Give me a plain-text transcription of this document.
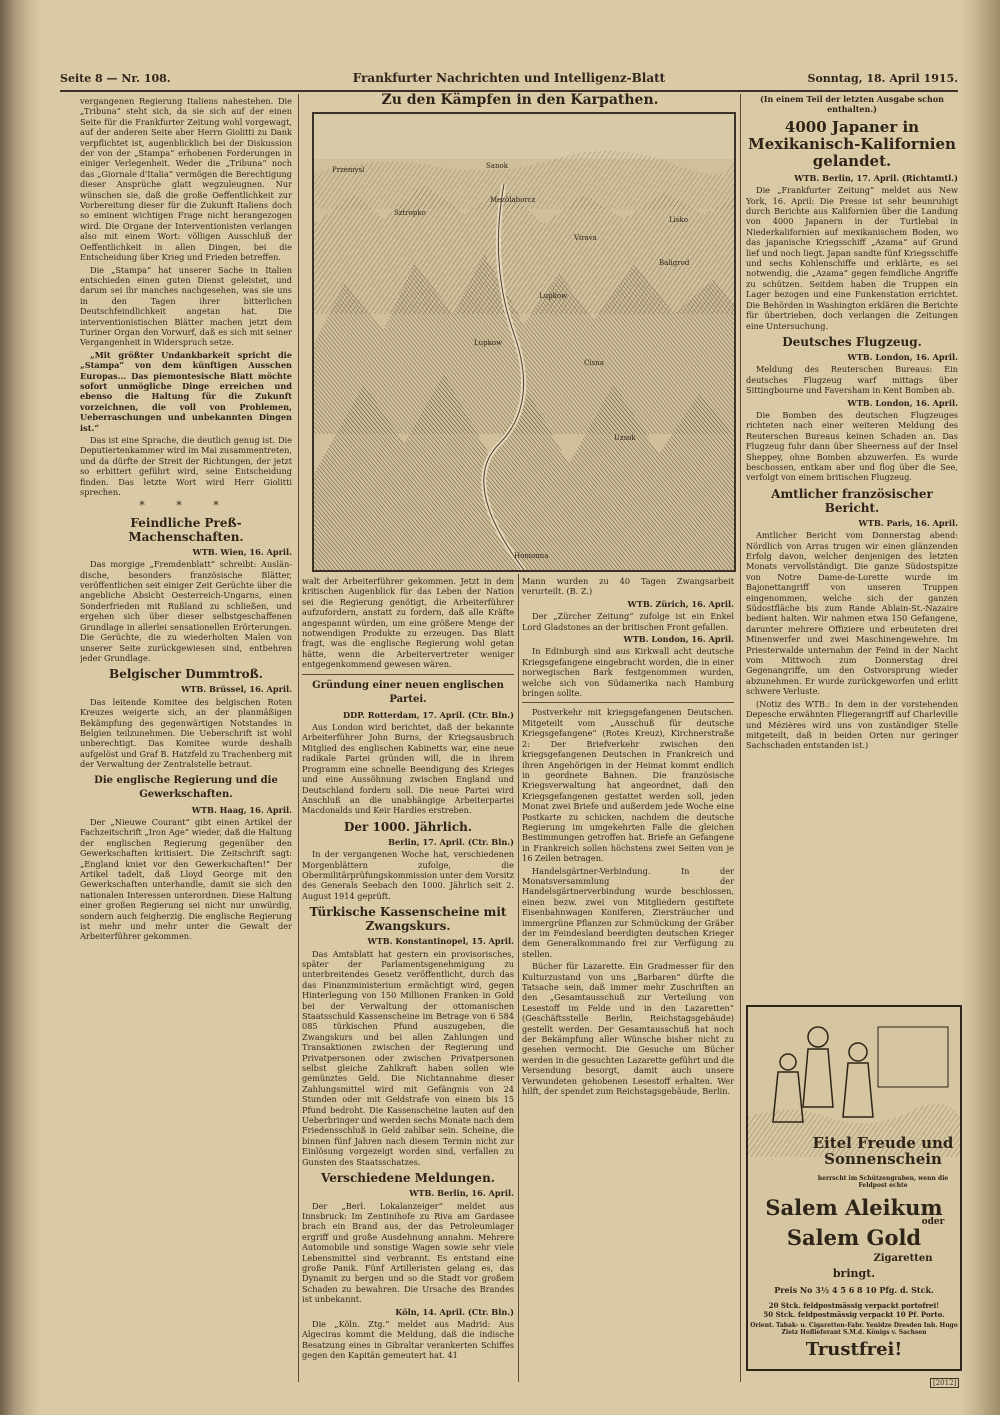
Seite 8 — Nr. 108.	Frankfurter Nachrichten und Intelligenz-Blatt	Sonntag, 18. April 1915.

vergangenen Regierung Italiens nahestehen. Die „Tribuna“ steht sich, da sie sich auf der einen Seite für die Frankfurter Zeitung wohl vorgewagt, auf der anderen Seite aber Herrn Giolitti zu Dank verpflichtet ist, augenblicklich bei der Diskussion der von der „Stampa“ erhobenen Forderungen in einiger Verlegenheit. Weder die „Tribuna“ noch das „Giornale d'Italia“ vermögen die Berechtigung dieser Ansprüche glatt wegzuleugnen. Nur wünschen sie, daß die große Oeffentlichkeit zur Vorbereitung dieser für die Zukunft Italiens doch so eminent wichtigen Frage nicht herangezogen wird. Die Organe der Interventionisten verlangen also mit einem Wort: völligen Ausschluß der Oeffentlichkeit in allen Dingen, bei die Entscheidung über Krieg und Frieden betreffen.

Die „Stampa“ hat unserer Sache in Italien entschieden einen guten Dienst geleistet, und darum sei ihr manches nachgesehen, was sie uns in den Tagen ihrer bitterlichen Deutschfeindlichkeit angetan hat. Die interventionistischen Blätter machen jetzt dem Turiner Organ den Vorwurf, daß es sich mit seiner Vergangenheit in Widerspruch setze.

„Mit größter Undankbarkeit spricht die „Stampa“ von dem künftigen Ausschen Europas... Das piemontesische Blatt möchte sofort unmögliche Dinge erreichen und ebenso die Haltung für die Zukunft vorzeichnen, die voll von Problemen, Ueberraschungen und unbekannten Dingen ist.“

Das ist eine Sprache, die deutlich genug ist. Die Deputiertenkammer wird im Mai zusammentreten, und da dürfte der Streit der Richtungen, der jetzt so erbittert geführt wird, seine Entscheidung finden. Das letzte Wort wird Herr Giolitti sprechen.

* * *
Feindliche Preß-Machenschaften.
WTB. Wien, 16. April.

Das morgige „Fremdenblatt“ schreibt: Ausländische, besonders französische Blätter, veröffentlichen seit einiger Zeit Gerüchte über die angebliche Absicht Oesterreich-Ungarns, einen Sonderfrieden mit Rußland zu schließen, und ergehen sich über dieser selbstgeschaffenen Grundlage in allerlei sensationellen Erörterungen. Die Gerüchte, die zu wiederholten Malen von unserer Seite zurückgewiesen sind, entbehren jeder Grundlage.

Belgischer Dummtroß.
WTB. Brüssel, 16. April.

Das leitende Komitee des belgischen Roten Kreuzes weigerte sich, an der planmäßigen Bekämpfung des gegenwärtigen Notstandes in Belgien teilzunehmen. Die Ueberschrift ist wohl unberechtigt. Das Komitee wurde deshalb aufgelöst und Graf B. Hatzfeld zu Trachenberg mit der Verwaltung der Zentralstelle betraut.

Die englische Regierung und die Gewerkschaften.
WTB. Haag, 16. April.

Der „Nieuwe Courant“ gibt einen Artikel der Fachzeitschrift „Iron Age“ wieder, daß die Haltung der englischen Regierung gegenüber den Gewerkschaften kritisiert. Die Zeitschrift sagt: „England kniet vor den Gewerkschaften!“ Der Artikel tadelt, daß Lloyd George mit den Gewerkschaften unterhandle, damit sie sich den nationalen Interessen unterordnen. Diese Haltung einer großen Regierung sei nicht nur unwürdig, sondern auch feigherzig. Die englische Regierung ist mehr und mehr unter die Gewalt der Arbeiterführer gekommen.

Zu den Kämpfen in den Karpathen.
Przemysl	Sanok
Lisko
Baligrod
Lupkow
Mezölaborcz
Lupkow
Cisna
Uzsok
Homonna
Sztropko
Virava

walt der Arbeiterführer gekommen. Jetzt in dem kritischen Augenblick für das Leben der Nation sei die Regierung genötigt, die Arbeiterführer aufzufordern, anstatt zu fordern, daß alle Kräfte angespannt würden, um eine größere Menge der notwendigen Produkte zu erzeugen. Das Blatt fragt, was die englische Regierung wohl getan hätte, wenn die Arbeitervertreter weniger entgegenkommend gewesen wären.

Gründung einer neuen englischen Partei.
DDP. Rotterdam, 17. April. (Ctr. Bln.)

Aus London wird berichtet, daß der bekannte Arbeiterführer John Burns, der Kriegsausbruch Mitglied des englischen Kabinetts war, eine neue radikale Partei gründen will, die in ihrem Programm eine schnelle Beendigung des Krieges und eine Aussöhnung zwischen England und Deutschland fordern soll. Die neue Partei wird Anschluß an die unabhängige Arbeiterpartei Macdonalds und Keir Hardies erstreben.

Der 1000. Jährlich.
Berlin, 17. April. (Ctr. Bln.)

In der vergangenen Woche hat, verschiedenen Morgenblättern zufolge, die Obermilitärprüfungskommission unter dem Vorsitz des Generals Seebach den 1000. Jährlich seit 2. August 1914 geprüft.

Türkische Kassenscheine mit Zwangskurs.
WTB. Konstantinopel, 15. April.

Das Amtsblatt hat gestern ein provisorisches, später der Parlamentsgenehmigung zu unterbreitendes Gesetz veröffentlicht, durch das das Finanzministerium ermächtigt wird, gegen Hinterlegung von 150 Millionen Franken in Gold bei der Verwaltung der ottomanischen Staatsschuld Kassenscheine im Betrage von 6 584 085 türkischen Pfund auszugeben, die Zwangskurs und bei allen Zahlungen und Transaktionen zwischen der Regierung und Privatpersonen oder zwischen Privatpersonen selbst gleiche Zahlkraft haben sollen wie gemünztes Geld. Die Nichtannahme dieser Zahlungsmittel wird mit Gefängnis von 24 Stunden oder mit Geldstrafe von einem bis 15 Pfund bedroht. Die Kassenscheine lauten auf den Ueberbringer und werden sechs Monate nach dem Friedensschluß in Geld zahlbar sein. Scheine, die binnen fünf Jahren nach diesem Termin nicht zur Einlösung vorgezeigt worden sind, verfallen zu Gunsten des Staatsschatzes.

Verschiedene Meldungen.
WTB. Berlin, 16. April.

Der „Berl. Lokalanzeiger“ meldet aus Innsbruck: Im Zentinihofe zu Riva am Gardasee brach ein Brand aus, der das Petroleumlager ergriff und große Ausdehnung annahm. Mehrere Automobile und sonstige Wagen sowie sehr viele Lebensmittel sind verbrannt. Es entstand eine große Panik. Fünf Artilleristen gelang es, das Dynamit zu bergen und so die Stadt vor großem Schaden zu bewahren. Die Ursache des Brandes ist unbekannt.

Köln, 14. April. (Ctr. Bln.)

Die „Köln. Ztg.“ meldet aus Madrid: Aus Algeciras kommt die Meldung, daß die indische Besatzung eines in Gibraltar verankerten Schiffes gegen den Kapitän gemeutert hat. 41

Mann wurden zu 40 Tagen Zwangsarbeit verurteilt. (B. Z.)

WTB. Zürich, 16. April.

Der „Zürcher Zeitung“ zufolge ist ein Enkel Lord Gladstones an der britischen Front gefallen.

WTB. London, 16. April.

In Edinburgh sind aus Kirkwall acht deutsche Kriegsgefangene eingebracht worden, die in einer norwegischen Bark festgenommen wurden, welche sich von Südamerika nach Hamburg bringen sollte.

Postverkehr mit kriegsgefangenen Deutschen. Mitgeteilt vom „Ausschuß für deutsche Kriegsgefangene“ (Rotes Kreuz), Kirchnerstraße 2: Der Briefverkehr zwischen den kriegsgefangenen Deutschen in Frankreich und ihren Angehörigen in der Heimat kommt endlich in geordnete Bahnen. Die französische Kriegsverwaltung hat angeordnet, daß den Kriegsgefangenen gestattet werden soll, jeden Monat zwei Briefe und außerdem jede Woche eine Postkarte zu schicken, nachdem die deutsche Regierung im umgekehrten Falle die gleichen Bestimmungen getroffen hat. Briefe an Gefangene in Frankreich sollen höchstens zwei Seiten von je 16 Zeilen betragen.

Handelsgärtner-Verbindung. In der Monatsversammlung der Handelsgärtnerverbindung wurde beschlossen, einen bezw. zwei von Mitgliedern gestiftete Eisenbahnwagen Koniferen, Ziersträucher und immergrüne Pflanzen zur Schmückung der Gräber der im Feindesland beerdigten deutschen Krieger dem Generalkommando frei zur Verfügung zu stellen.

Bücher für Lazarette. Ein Gradmesser für den Kulturzustand von uns „Barbaren“ dürfte die Tatsache sein, daß immer mehr Zuschriften an den „Gesamtausschuß zur Verteilung von Lesestoff im Felde und in den Lazaretten“ (Geschäftsstelle Berlin, Reichstagsgebäude) gestellt werden. Der Gesamtausschuß hat noch der Bekämpfung aller Wünsche bisher nicht zu gesehen vermocht. Die Gesuche um Bücher werden in die gesuchten Lazarette geführt und die Versendung besorgt, damit auch unsere Verwundeten gehobenen Lesestoff erhalten. Wer hilft, der spendet zum Reichstagsgebäude, Berlin.

(In einem Teil der letzten Ausgabe schon enthalten.)
4000 Japaner in Mexikanisch-Kalifornien gelandet.
WTB. Berlin, 17. April. (Richtamtl.)

Die „Frankfurter Zeitung“ meldet aus New York, 16. April: Die Presse ist sehr beunruhigt durch Berichte aus Kalifornien über die Landung von 4000 Japanern in der Turtlebai in Niederkalifornien auf mexikanischem Boden, wo das japanische Kriegsschiff „Azama“ auf Grund lief und noch liegt. Japan sandte fünf Kriegsschiffe und sechs Kohlenschiffe und erklärte, es sei notwendig, die „Azama“ gegen feindliche Angriffe zu schützen. Seitdem haben die Truppen ein Lager bezogen und eine Funkenstation errichtet. Die Behörden in Washington erklären die Berichte für übertrieben, doch verlangen die Zeitungen eine Untersuchung.

Deutsches Flugzeug.
WTB. London, 16. April.

Meldung des Reuterschen Bureaus: Ein deutsches Flugzeug warf mittags über Sittingbourne und Faversham in Kent Bomben ab.

WTB. London, 16. April.

Die Bomben des deutschen Flugzeuges richteten nach einer weiteren Meldung des Reuterschen Bureaus keinen Schaden an. Das Flugzeug fuhr dann über Sheerness auf der Insel Sheppey, ohne Bomben abzuwerfen. Es wurde beschossen, entkam aber und flog über die See, verfolgt von einem britischen Flugzeug.

Amtlicher französischer Bericht.
WTB. Paris, 16. April.

Amtlicher Bericht vom Donnerstag abend: Nördlich von Arras trugen wir einen glänzenden Erfolg davon, welcher denjenigen des letzten Monats vervollständigt. Die ganze Südostspitze von Notre Dame-de-Lorette wurde im Bajonettangriff von unseren Truppen eingenommen, welche sich der ganzen Südostfläche bis zum Rande Ablain-St.-Nazaire bedient halten. Wir nahmen etwa 150 Gefangene, darunter mehrere Offiziere und erbeuteten drei Minenwerfer und zwei Maschinengewehre. Im Priesterwalde unternahm der Feind in der Nacht vom Mittwoch zum Donnerstag drei Gegenangriffe, um den Ostvorsprung wieder abzunehmen. Er wurde zurückgeworfen und erlitt schwere Verluste.

(Notiz des WTB.: In dem in der vorstehenden Depesche erwähnten Fliegerangriff auf Charleville und Mézières wird uns von zuständiger Stelle mitgeteilt, daß in beiden Orten nur geringer Sachschaden entstanden ist.)

Eitel Freude und Sonnenschein
herrscht im Schützengraben, wenn die Feldpost echte
Salem Aleikum
oder
Salem Gold
Zigaretten
bringt.
Preis No 3½ 4 5 6 8 10 Pfg. d. Stck.
20 Stck. feldpostmässig verpackt portofrei!
50 Stck. feldpostmässig verpackt 10 Pf. Porto.
Orient. Tabak- u. Cigaretten-Fabr. Yenidze Dresden Inh. Hugo Zietz Hoflieferant S.M.d. Königs v. Sachsen
Trustfrei!
[2012]
